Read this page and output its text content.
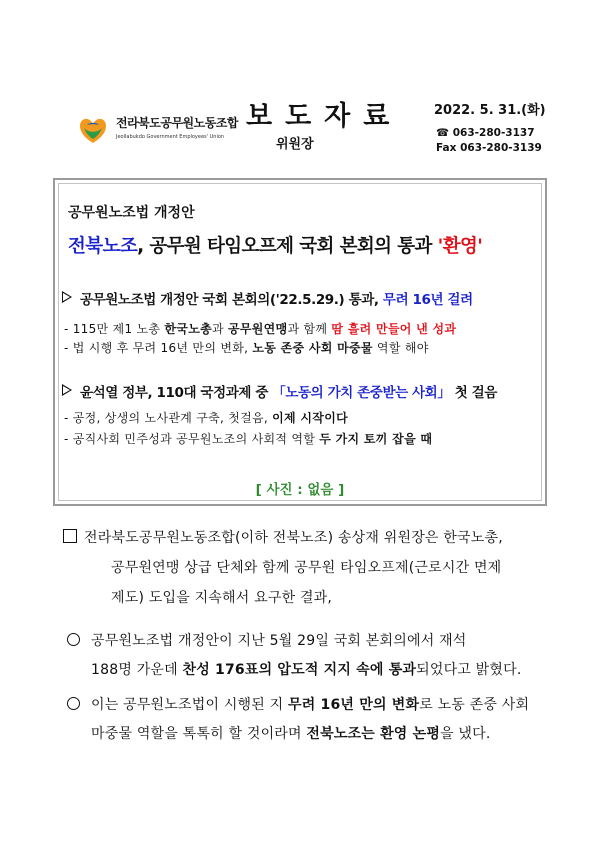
전라북도공무원노동조합
Jeollabukdo Government Employees' Union
보도자료
위원장
2022. 5. 31.(화)
☎ 063-280-3137
Fax 063-280-3139
공무원노조법 개정안
전북노조, 공무원 타임오프제 국회 본회의 통과 '환영'
공무원노조법 개정안 국회 본회의('22.5.29.) 통과, 무려 16년 걸려
- 115만 제1 노총 한국노총과 공무원연맹과 함께 땀 흘려 만들어 낸 성과
- 법 시행 후 무려 16년 만의 변화, 노동 존중 사회 마중물 역할 해야
윤석열 정부, 110대 국정과제 중 「노동의 가치 존중받는 사회」 첫 걸음
- 공정, 상생의 노사관계 구축, 첫걸음, 이제 시작이다
- 공직사회 민주성과 공무원노조의 사회적 역할 두 가지 토끼 잡을 때
[ 사진 : 없음 ]
전라북도공무원노동조합(이하 전북노조) 송상재 위원장은 한국노총,
공무원연맹 상급 단체와 함께 공무원 타임오프제(근로시간 면제
제도) 도입을 지속해서 요구한 결과,
공무원노조법 개정안이 지난 5월 29일 국회 본회의에서 재석
188명 가운데 찬성 176표의 압도적 지지 속에 통과되었다고 밝혔다.
이는 공무원노조법이 시행된 지 무려 16년 만의 변화로 노동 존중 사회
마중물 역할을 톡톡히 할 것이라며 전북노조는 환영 논평을 냈다.
